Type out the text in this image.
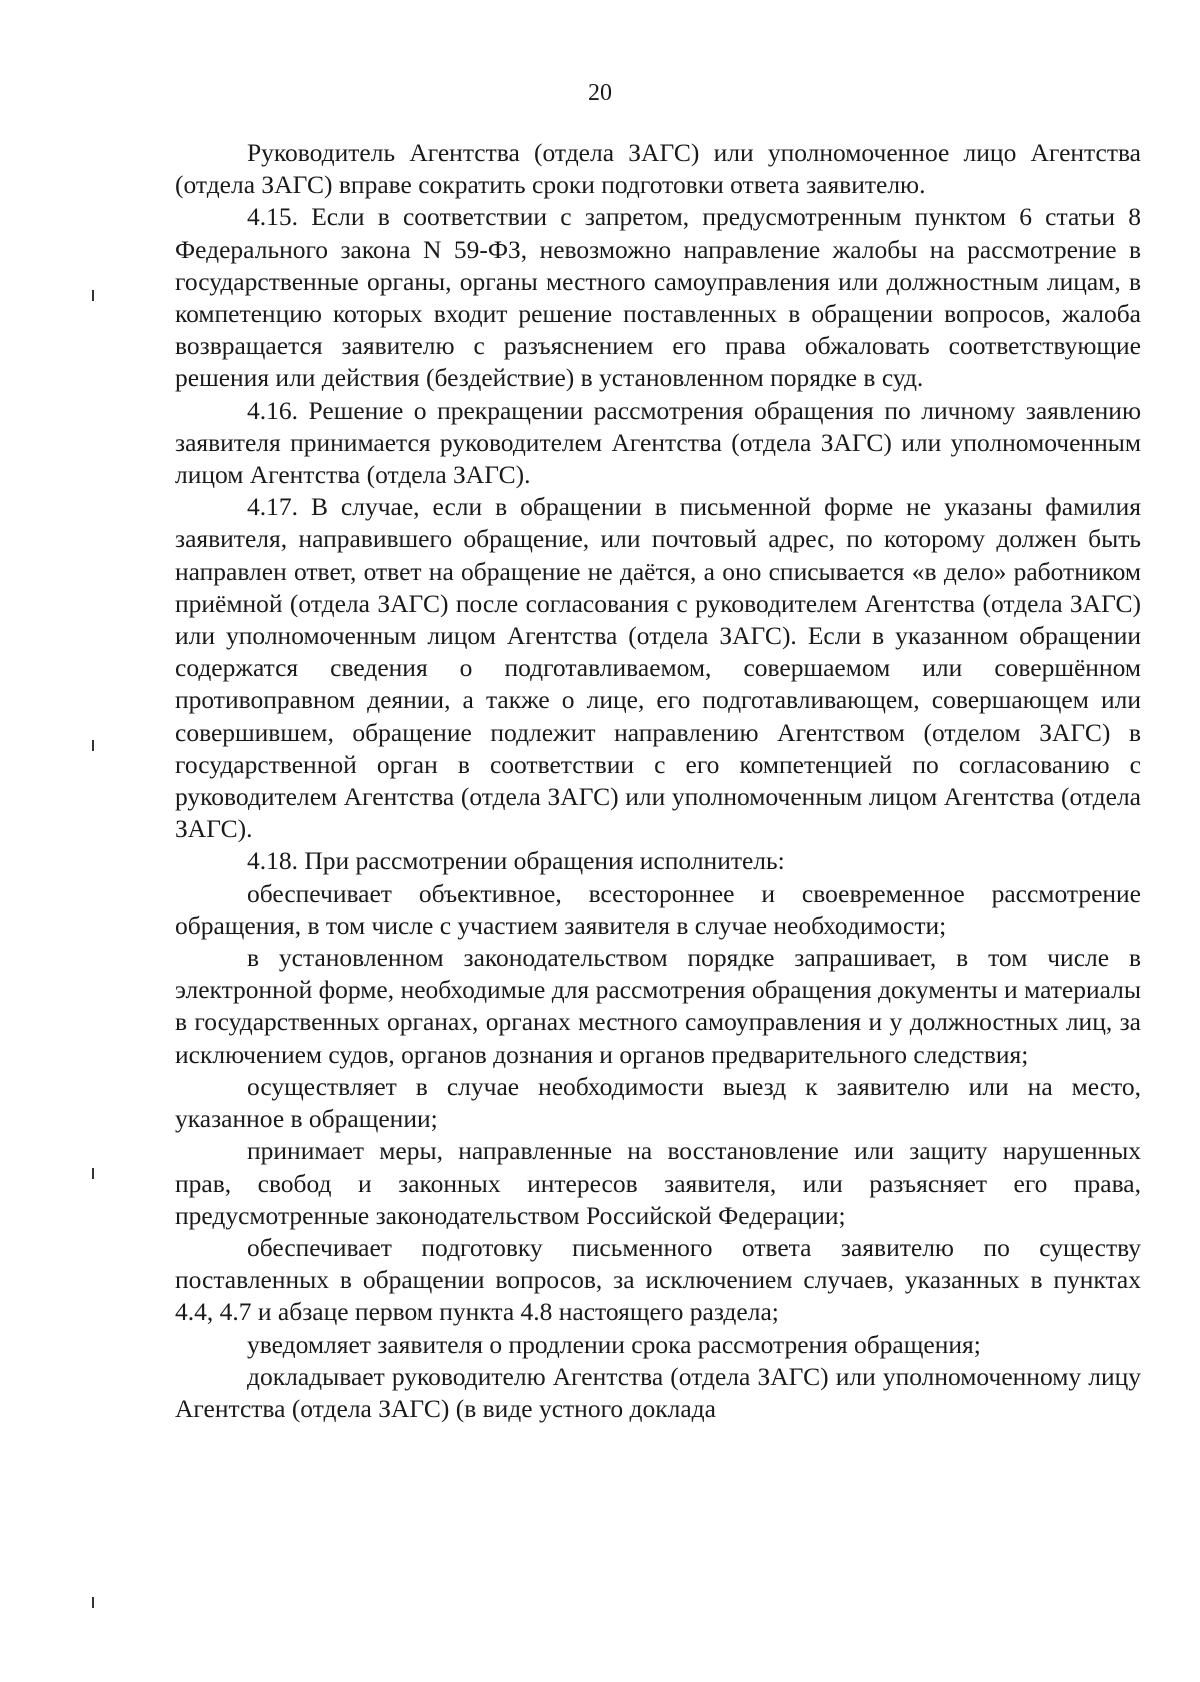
20

Руководитель Агентства (отдела ЗАГС) или уполномоченное лицо Агентства (отдела ЗАГС) вправе сократить сроки подготовки ответа заявителю.

4.15. Если в соответствии с запретом, предусмотренным пунктом 6 статьи 8 Федерального закона N 59-ФЗ, невозможно направление жалобы на рассмотрение в государственные органы, органы местного самоуправления или должностным лицам, в компетенцию которых входит решение поставленных в обращении вопросов, жалоба возвращается заявителю с разъяснением его права обжаловать соответствующие решения или действия (бездействие) в установленном порядке в суд.

4.16. Решение о прекращении рассмотрения обращения по личному заявлению заявителя принимается руководителем Агентства (отдела ЗАГС) или уполномоченным лицом Агентства (отдела ЗАГС).

4.17. В случае, если в обращении в письменной форме не указаны фамилия заявителя, направившего обращение, или почтовый адрес, по которому должен быть направлен ответ, ответ на обращение не даётся, а оно списывается «в дело» работником приёмной (отдела ЗАГС) после согласования с руководителем Агентства (отдела ЗАГС) или уполномоченным лицом Агентства (отдела ЗАГС). Если в указанном обращении содержатся сведения о подготавливаемом, совершаемом или совершённом противоправном деянии, а также о лице, его подготавливающем, совершающем или совершившем, обращение подлежит направлению Агентством (отделом ЗАГС) в государственной орган в соответствии с его компетенцией по согласованию с руководителем Агентства (отдела ЗАГС) или уполномоченным лицом Агентства (отдела ЗАГС).

4.18. При рассмотрении обращения исполнитель:

обеспечивает объективное, всестороннее и своевременное рассмотрение обращения, в том числе с участием заявителя в случае необходимости;

в установленном законодательством порядке запрашивает, в том числе в электронной форме, необходимые для рассмотрения обращения документы и материалы в государственных органах, органах местного самоуправления и у должностных лиц, за исключением судов, органов дознания и органов предварительного следствия;

осуществляет в случае необходимости выезд к заявителю или на место, указанное в обращении;

принимает меры, направленные на восстановление или защиту нарушенных прав, свобод и законных интересов заявителя, или разъясняет его права, предусмотренные законодательством Российской Федерации;

обеспечивает подготовку письменного ответа заявителю по существу поставленных в обращении вопросов, за исключением случаев, указанных в пунктах 4.4, 4.7 и абзаце первом пункта 4.8 настоящего раздела;

уведомляет заявителя о продлении срока рассмотрения обращения;

докладывает руководителю Агентства (отдела ЗАГС) или уполномоченному лицу Агентства (отдела ЗАГС) (в виде устного доклада
